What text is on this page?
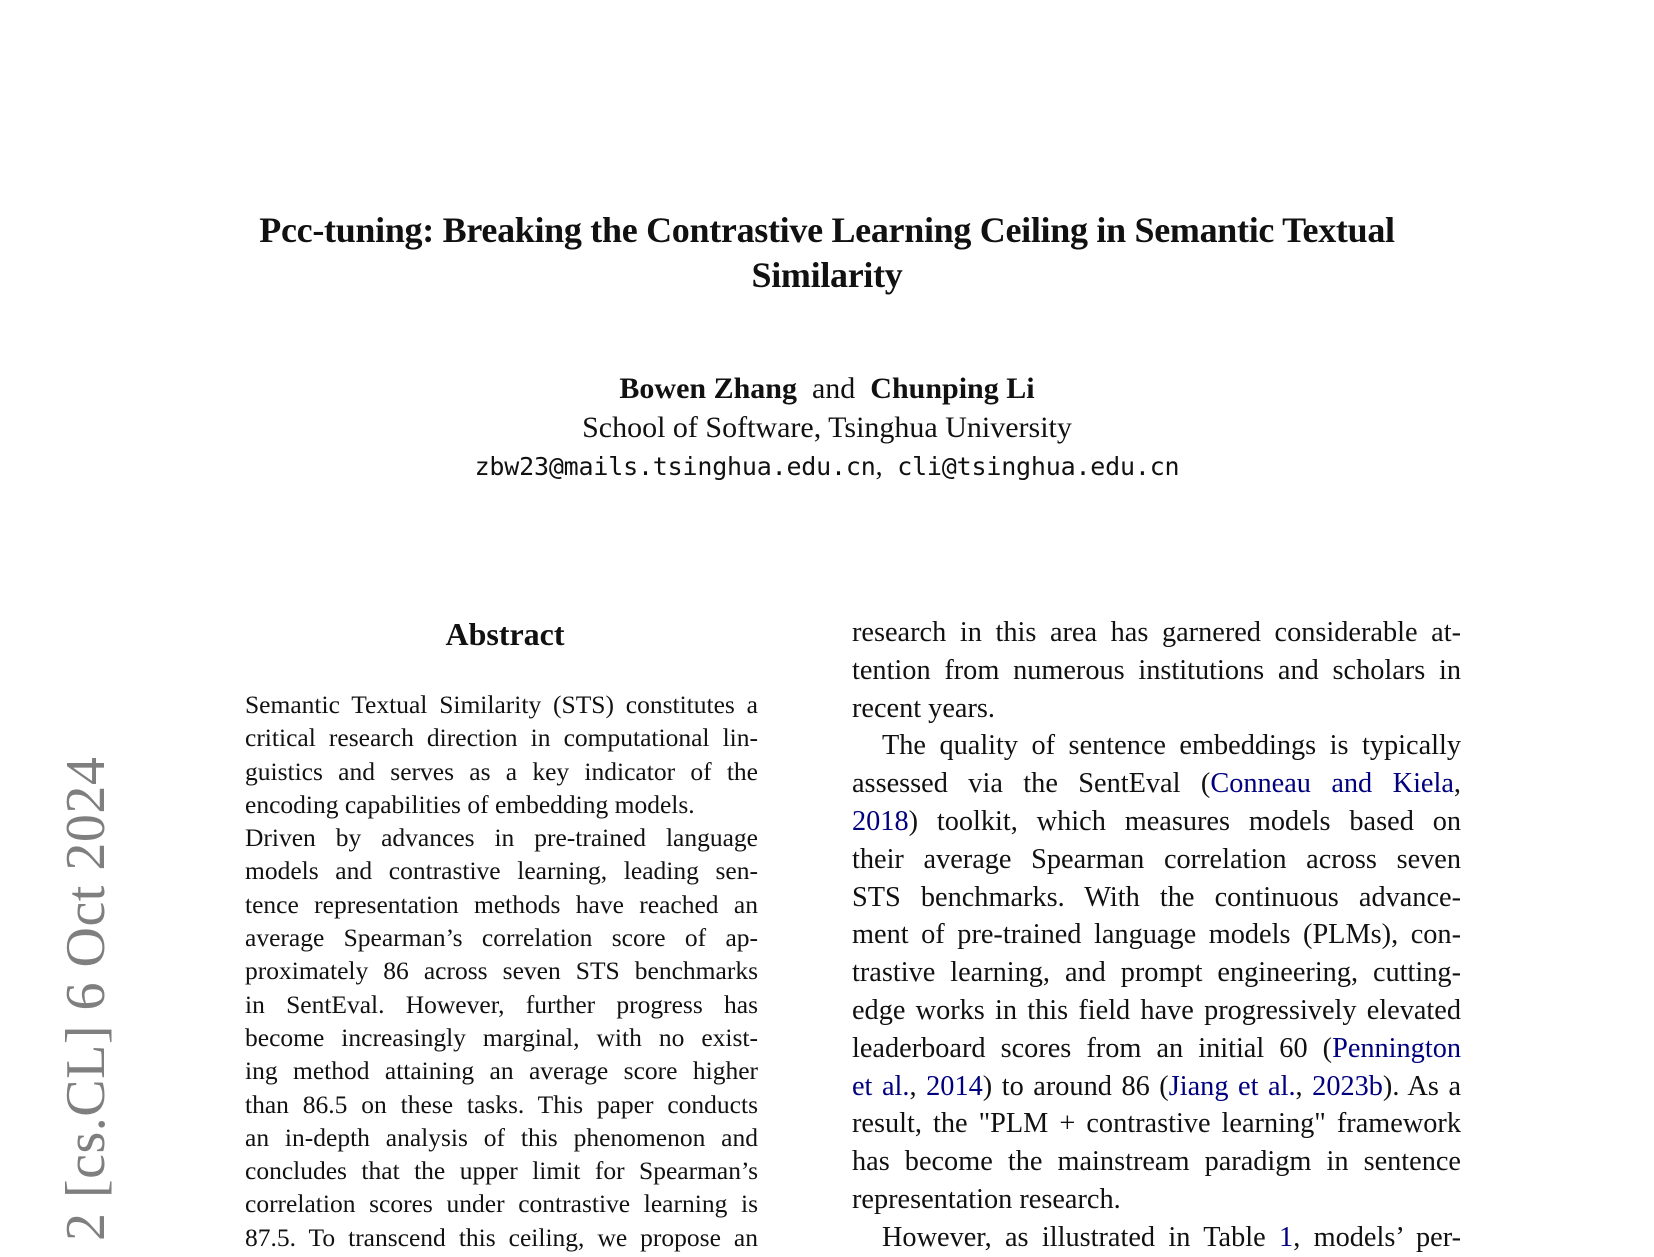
2 [cs.CL] 6 Oct 2024
Pcc-tuning: Breaking the Contrastive Learning Ceiling in Semantic Textual
Similarity
Bowen Zhang and Chunping Li
School of Software, Tsinghua University
zbw23@mails.tsinghua.edu.cn, cli@tsinghua.edu.cn
Abstract
Semantic Textual Similarity (STS) constitutes a
critical research direction in computational lin-
guistics and serves as a key indicator of the
encoding capabilities of embedding models.
Driven by advances in pre-trained language
models and contrastive learning, leading sen-
tence representation methods have reached an
average Spearman’s correlation score of ap-
proximately 86 across seven STS benchmarks
in SentEval. However, further progress has
become increasingly marginal, with no exist-
ing method attaining an average score higher
than 86.5 on these tasks. This paper conducts
an in-depth analysis of this phenomenon and
concludes that the upper limit for Spearman’s
correlation scores under contrastive learning is
87.5. To transcend this ceiling, we propose an
research in this area has garnered considerable at-
tention from numerous institutions and scholars in
recent years.
The quality of sentence embeddings is typically
assessed via the SentEval (Conneau and Kiela,
2018) toolkit, which measures models based on
their average Spearman correlation across seven
STS benchmarks. With the continuous advance-
ment of pre-trained language models (PLMs), con-
trastive learning, and prompt engineering, cutting-
edge works in this field have progressively elevated
leaderboard scores from an initial 60 (Pennington
et al., 2014) to around 86 (Jiang et al., 2023b). As a
result, the "PLM + contrastive learning" framework
has become the mainstream paradigm in sentence
representation research.
However, as illustrated in Table 1, models’ per-
